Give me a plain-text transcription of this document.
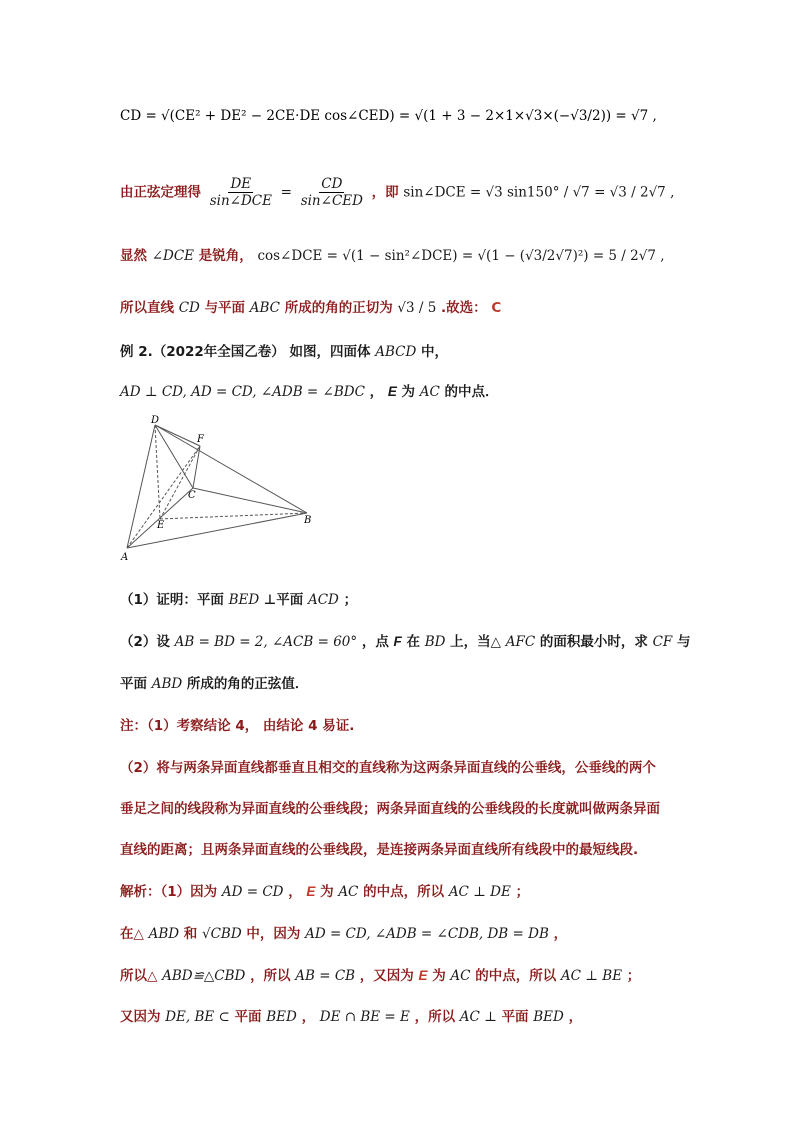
CD = √(CE² + DE² − 2CE·DE cos∠CED) = √(1 + 3 − 2×1×√3×(−√3/2)) = √7 ,
由正弦定理得 $\frac{DE}{\text{sin∠DCE}} = \frac{CD}{\text{sin∠CED}}$ ，即 sin∠DCE = √3 sin150° / √7 = √3 / 2√7 ,
显然 ∠DCE 是锐角， cos∠DCE = √(1 − sin²∠DCE) = √(1 − (√3/2√7)²) = 5 / 2√7 ,
所以直线 CD 与平面 ABC 所成的角的正切为 √3 / 5 .故选： C
例 2.（2022年全国乙卷） 如图，四面体 ABCD 中，
AD ⊥ CD, AD = CD, ∠ADB = ∠BDC ， E 为 AC 的中点．
D
F
C
E	B
A
（1）证明：平面 BED ⊥平面 ACD ；
（2）设 AB = BD = 2, ∠ACB = 60° ，点 F 在 BD 上，当△ AFC 的面积最小时，求 CF 与
平面 ABD 所成的角的正弦值．
注：（1）考察结论 4， 由结论 4 易证.
（2）将与两条异面直线都垂直且相交的直线称为这两条异面直线的公垂线，公垂线的两个
垂足之间的线段称为异面直线的公垂线段；两条异面直线的公垂线段的长度就叫做两条异面
直线的距离；且两条异面直线的公垂线段，是连接两条异面直线所有线段中的最短线段.
解析：（1）因为 AD = CD ， E 为 AC 的中点，所以 AC ⊥ DE ；
在△ ABD 和 √CBD 中，因为 AD = CD, ∠ADB = ∠CDB, DB = DB ，
所以△ ABD≌△CBD ，所以 AB = CB ，又因为 E 为 AC 的中点，所以 AC ⊥ BE ；
又因为 DE, BE ⊂ 平面 BED ， DE ∩ BE = E ，所以 AC ⊥ 平面 BED ，
